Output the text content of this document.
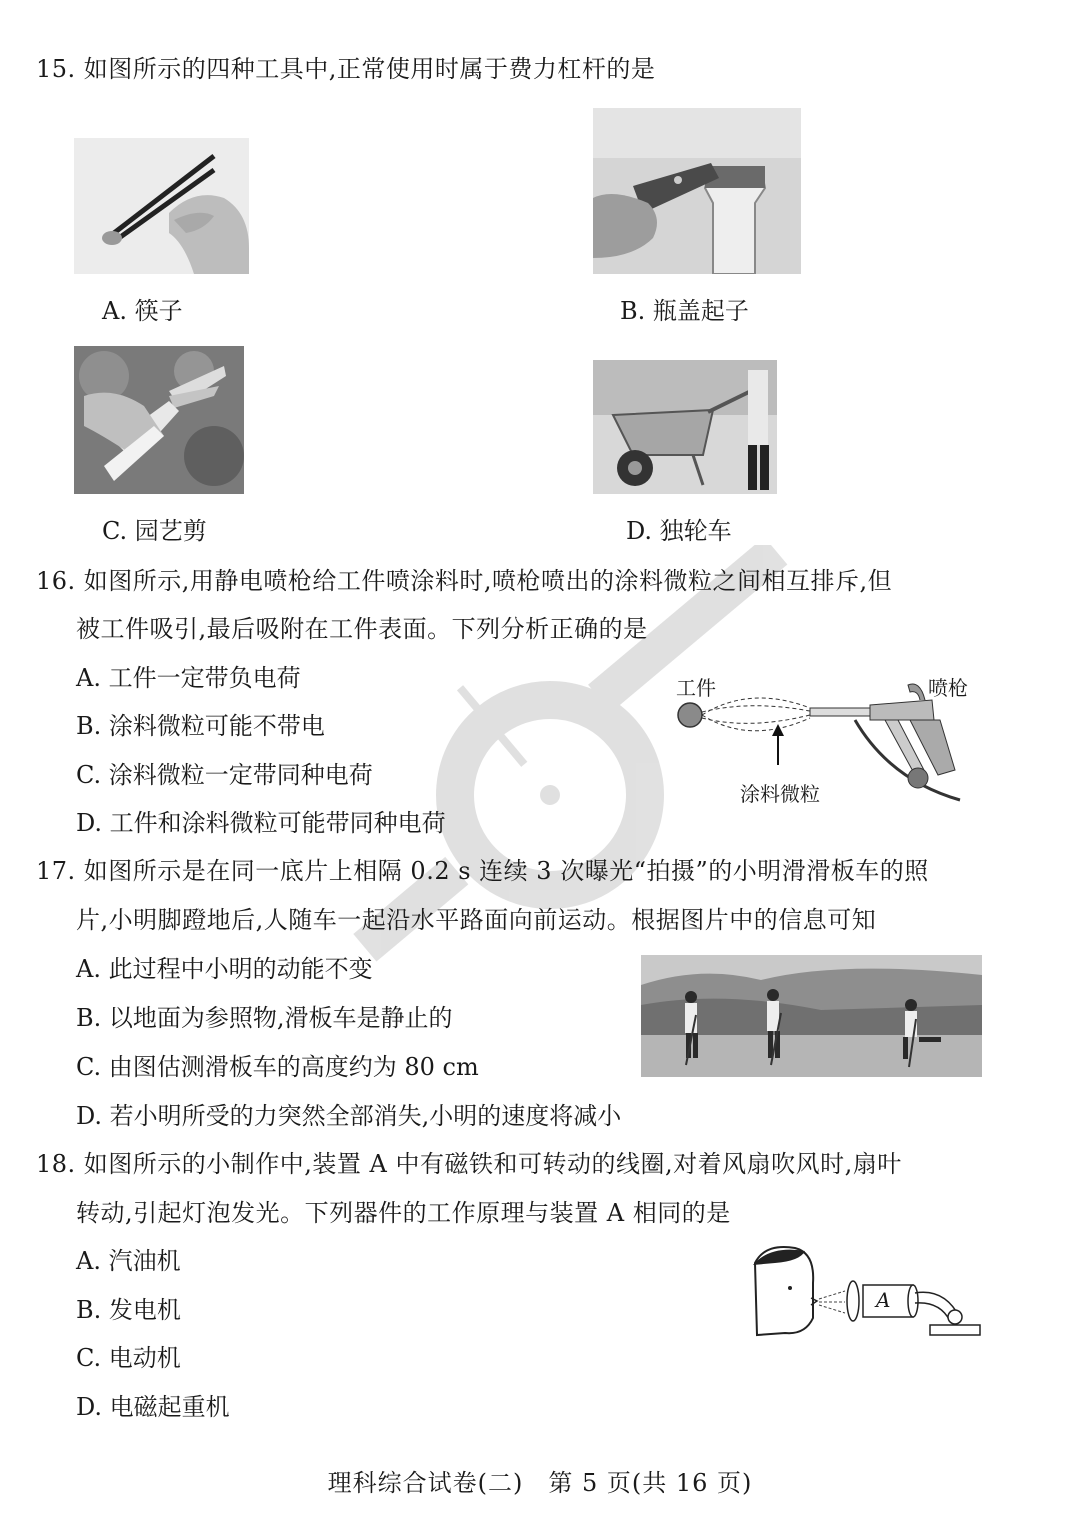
15. 如图所示的四种工具中,正常使用时属于费力杠杆的是
A. 筷子	B. 瓶盖起子
C. 园艺剪	D. 独轮车
16. 如图所示,用静电喷枪给工件喷涂料时,喷枪喷出的涂料微粒之间相互排斥,但
被工件吸引,最后吸附在工件表面。下列分析正确的是
A. 工件一定带负电荷
B. 涂料微粒可能不带电
C. 涂料微粒一定带同种电荷
D. 工件和涂料微粒可能带同种电荷
工件	喷枪
涂料微粒
17. 如图所示是在同一底片上相隔 0.2 s 连续 3 次曝光“拍摄”的小明滑滑板车的照
片,小明脚蹬地后,人随车一起沿水平路面向前运动。根据图片中的信息可知
A. 此过程中小明的动能不变
B. 以地面为参照物,滑板车是静止的
C. 由图估测滑板车的高度约为 80 cm
D. 若小明所受的力突然全部消失,小明的速度将减小
18. 如图所示的小制作中,装置 A 中有磁铁和可转动的线圈,对着风扇吹风时,扇叶
转动,引起灯泡发光。下列器件的工作原理与装置 A 相同的是
A. 汽油机
B. 发电机
C. 电动机
D. 电磁起重机
A
理科综合试卷(二)　第 5 页(共 16 页)
